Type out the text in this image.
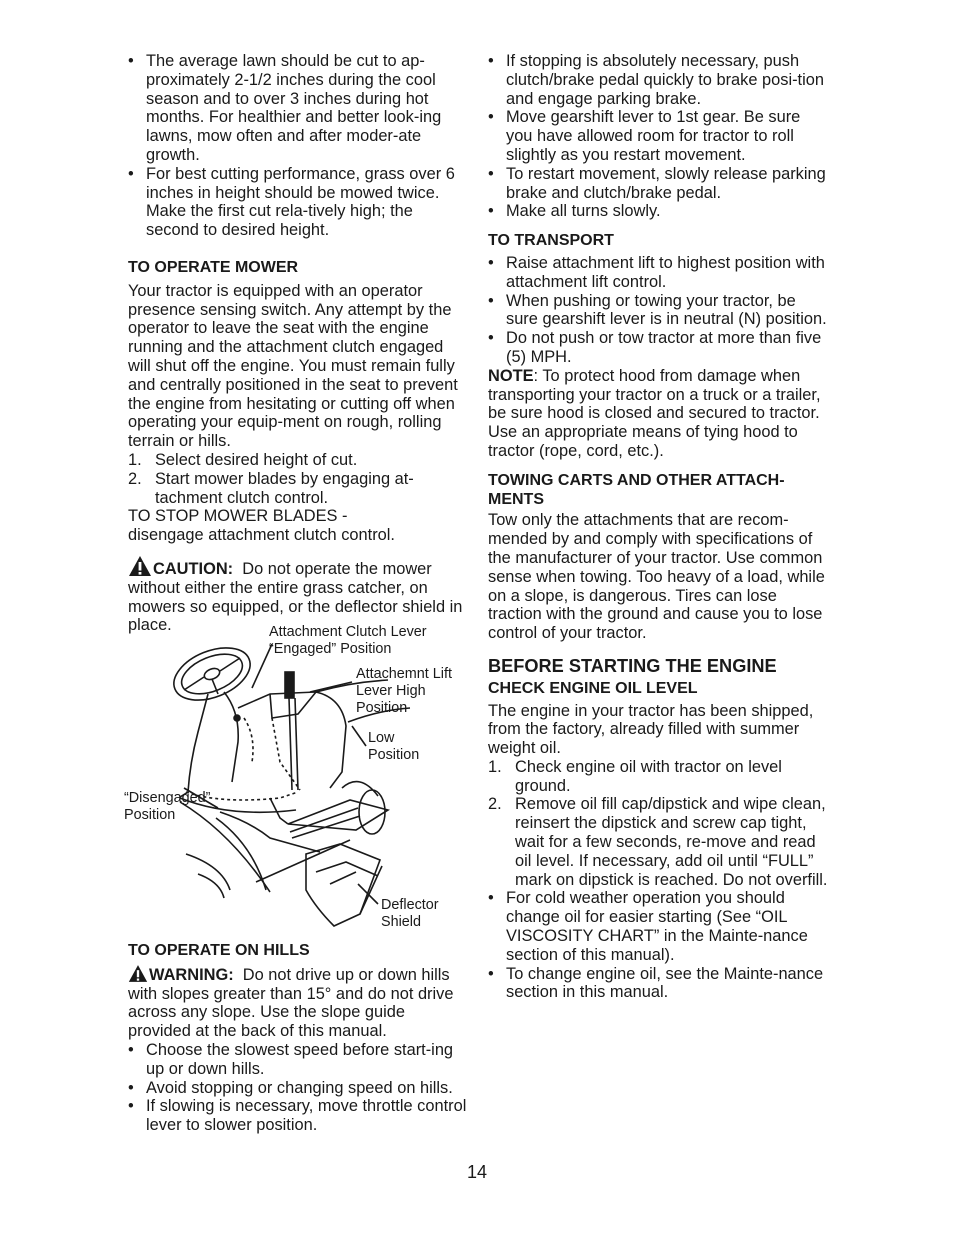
• The average lawn should be cut to ap-proximately 2-1/2 inches during the cool season and to over 3 inches during hot months. For healthier and better look-ing lawns, mow often and after moder-ate growth.
• For best cutting performance, grass over 6 inches in height should be mowed twice. Make the first cut rela-tively high; the second to desired height.

TO OPERATE MOWER

Your tractor is equipped with an operator presence sensing switch. Any attempt by the operator to leave the seat with the engine running and the attachment clutch engaged will shut off the engine. You must remain fully and centrally positioned in the seat to prevent the engine from hesitating or cutting off when operating your equip-ment on rough, rolling terrain or hills.

1. Select desired height of cut.
2. Start mower blades by engaging at-tachment clutch control.

TO STOP MOWER BLADES -

disengage attachment clutch control.

CAUTION: Do not operate the mower without either the entire grass catcher, on mowers so equipped, or the deflector shield in place.	Attachment Clutch Lever “Engaged” Position
Attachemnt Lift Lever High Position
Low Position
“Disengaged” Position
Deflector Shield

TO OPERATE ON HILLS

WARNING: Do not drive up or down hills with slopes greater than 15° and do not drive across any slope. Use the slope guide provided at the back of this manual.

• Choose the slowest speed before start-ing up or down hills.
• Avoid stopping or changing speed on hills.
• If slowing is necessary, move throttle control lever to slower position.
• If stopping is absolutely necessary, push clutch/brake pedal quickly to brake posi-tion and engage parking brake.
• Move gearshift lever to 1st gear. Be sure you have allowed room for tractor to roll slightly as you restart movement.
• To restart movement, slowly release parking brake and clutch/brake pedal.
• Make all turns slowly.

TO TRANSPORT

• Raise attachment lift to highest position with attachment lift control.
• When pushing or towing your tractor, be sure gearshift lever is in neutral (N) position.
• Do not push or tow tractor at more than five (5) MPH.

NOTE: To protect hood from damage when transporting your tractor on a truck or a trailer, be sure hood is closed and secured to tractor. Use an appropriate means of tying hood to tractor (rope, cord, etc.).

TOWING CARTS AND OTHER ATTACH-
MENTS

Tow only the attachments that are recom-mended by and comply with specifications of the manufacturer of your tractor. Use common sense when towing. Too heavy of a load, while on a slope, is dangerous. Tires can lose traction with the ground and cause you to lose control of your tractor.

BEFORE STARTING THE ENGINE

CHECK ENGINE OIL LEVEL

The engine in your tractor has been shipped, from the factory, already filled with summer weight oil.

1. Check engine oil with tractor on level ground.
2. Remove oil fill cap/dipstick and wipe clean, reinsert the dipstick and screw cap tight, wait for a few seconds, re-move and read oil level. If necessary, add oil until “FULL” mark on dipstick is reached. Do not overfill.
• For cold weather operation you should change oil for easier starting (See “OIL VISCOSITY CHART” in the Mainte-nance section of this manual).
• To change engine oil, see the Mainte-nance section in this manual.
14
